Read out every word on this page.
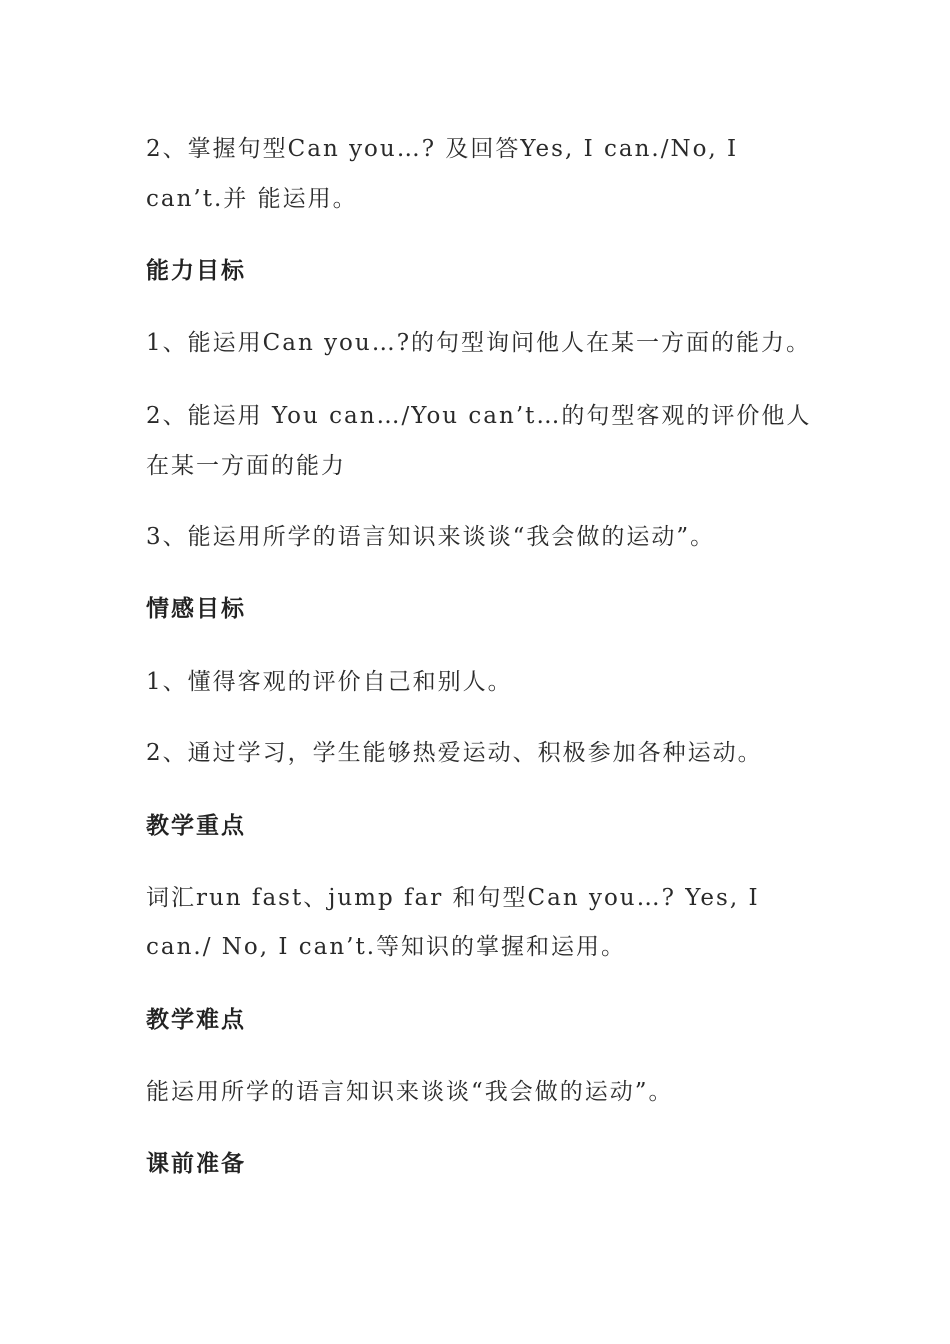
2、掌握句型Can you…? 及回答Yes, I can./No, I
can’t.并 能运用。
能力目标
1、能运用Can you…?的句型询问他人在某一方面的能力。
2、能运用 You can…/You can’t…的句型客观的评价他人
在某一方面的能力
3、能运用所学的语言知识来谈谈“我会做的运动”。
情感目标
1、懂得客观的评价自己和别人。
2、通过学习，学生能够热爱运动、积极参加各种运动。
教学重点
词汇run fast、jump far 和句型Can you…? Yes, I
can./ No, I can’t.等知识的掌握和运用。
教学难点
能运用所学的语言知识来谈谈“我会做的运动”。
课前准备
